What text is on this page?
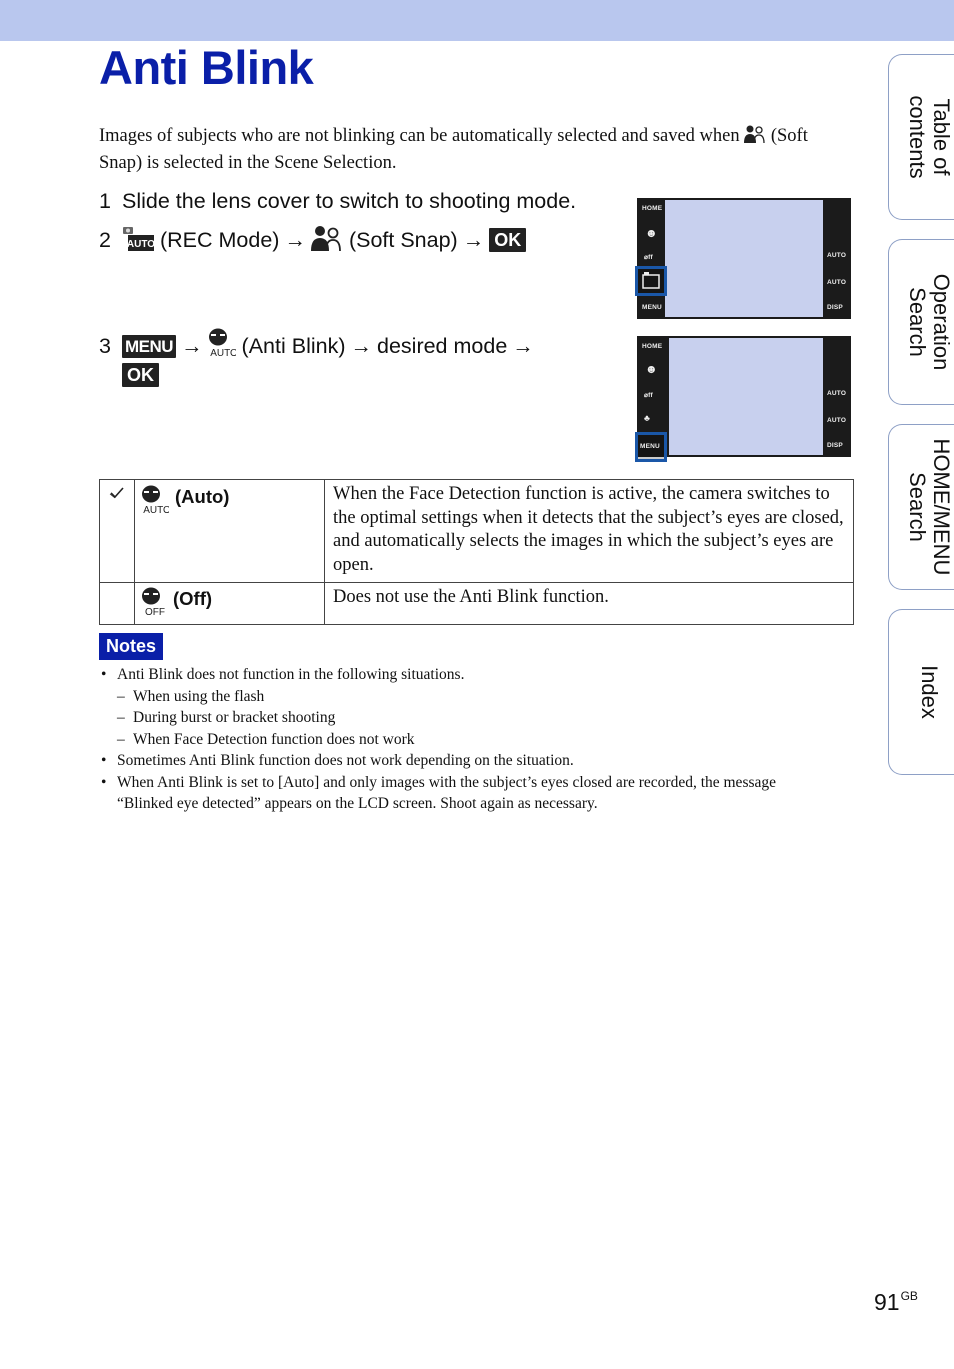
Anti Blink
Images of subjects who are not blinking can be automatically selected and saved when (Soft Snap) is selected in the Scene Selection.
1 Slide the lens cover to switch to shooting mode.
2 AUTO (REC Mode) → (Soft Snap) → OK
3 MENU → AUTO (Anti Blink) → desired mode →
OK
HOME
☻
⌀ff
MENU
AUTO
AUTO
DISP
HOME
☻
⌀ff
♣
MENU
AUTO
AUTO
DISP

AUTO
(Auto)	When the Face Detection function is active, the camera switches to the optimal settings when it detects that the subject’s eyes are closed, and automatically selects the images in which the subject’s eyes are open.

OFF
(Off)	Does not use the Anti Blink function.
Notes
• Anti Blink does not function in the following situations.
– When using the flash
– During burst or bracket shooting
– When Face Detection function does not work
• Sometimes Anti Blink function does not work depending on the situation.
• When Anti Blink is set to [Auto] and only images with the subject’s eyes closed are recorded, the message “Blinked eye detected” appears on the LCD screen. Shoot again as necessary.
Table of
contents
Operation
Search
HOME/MENU
Search
Index
$91^{GB}$
